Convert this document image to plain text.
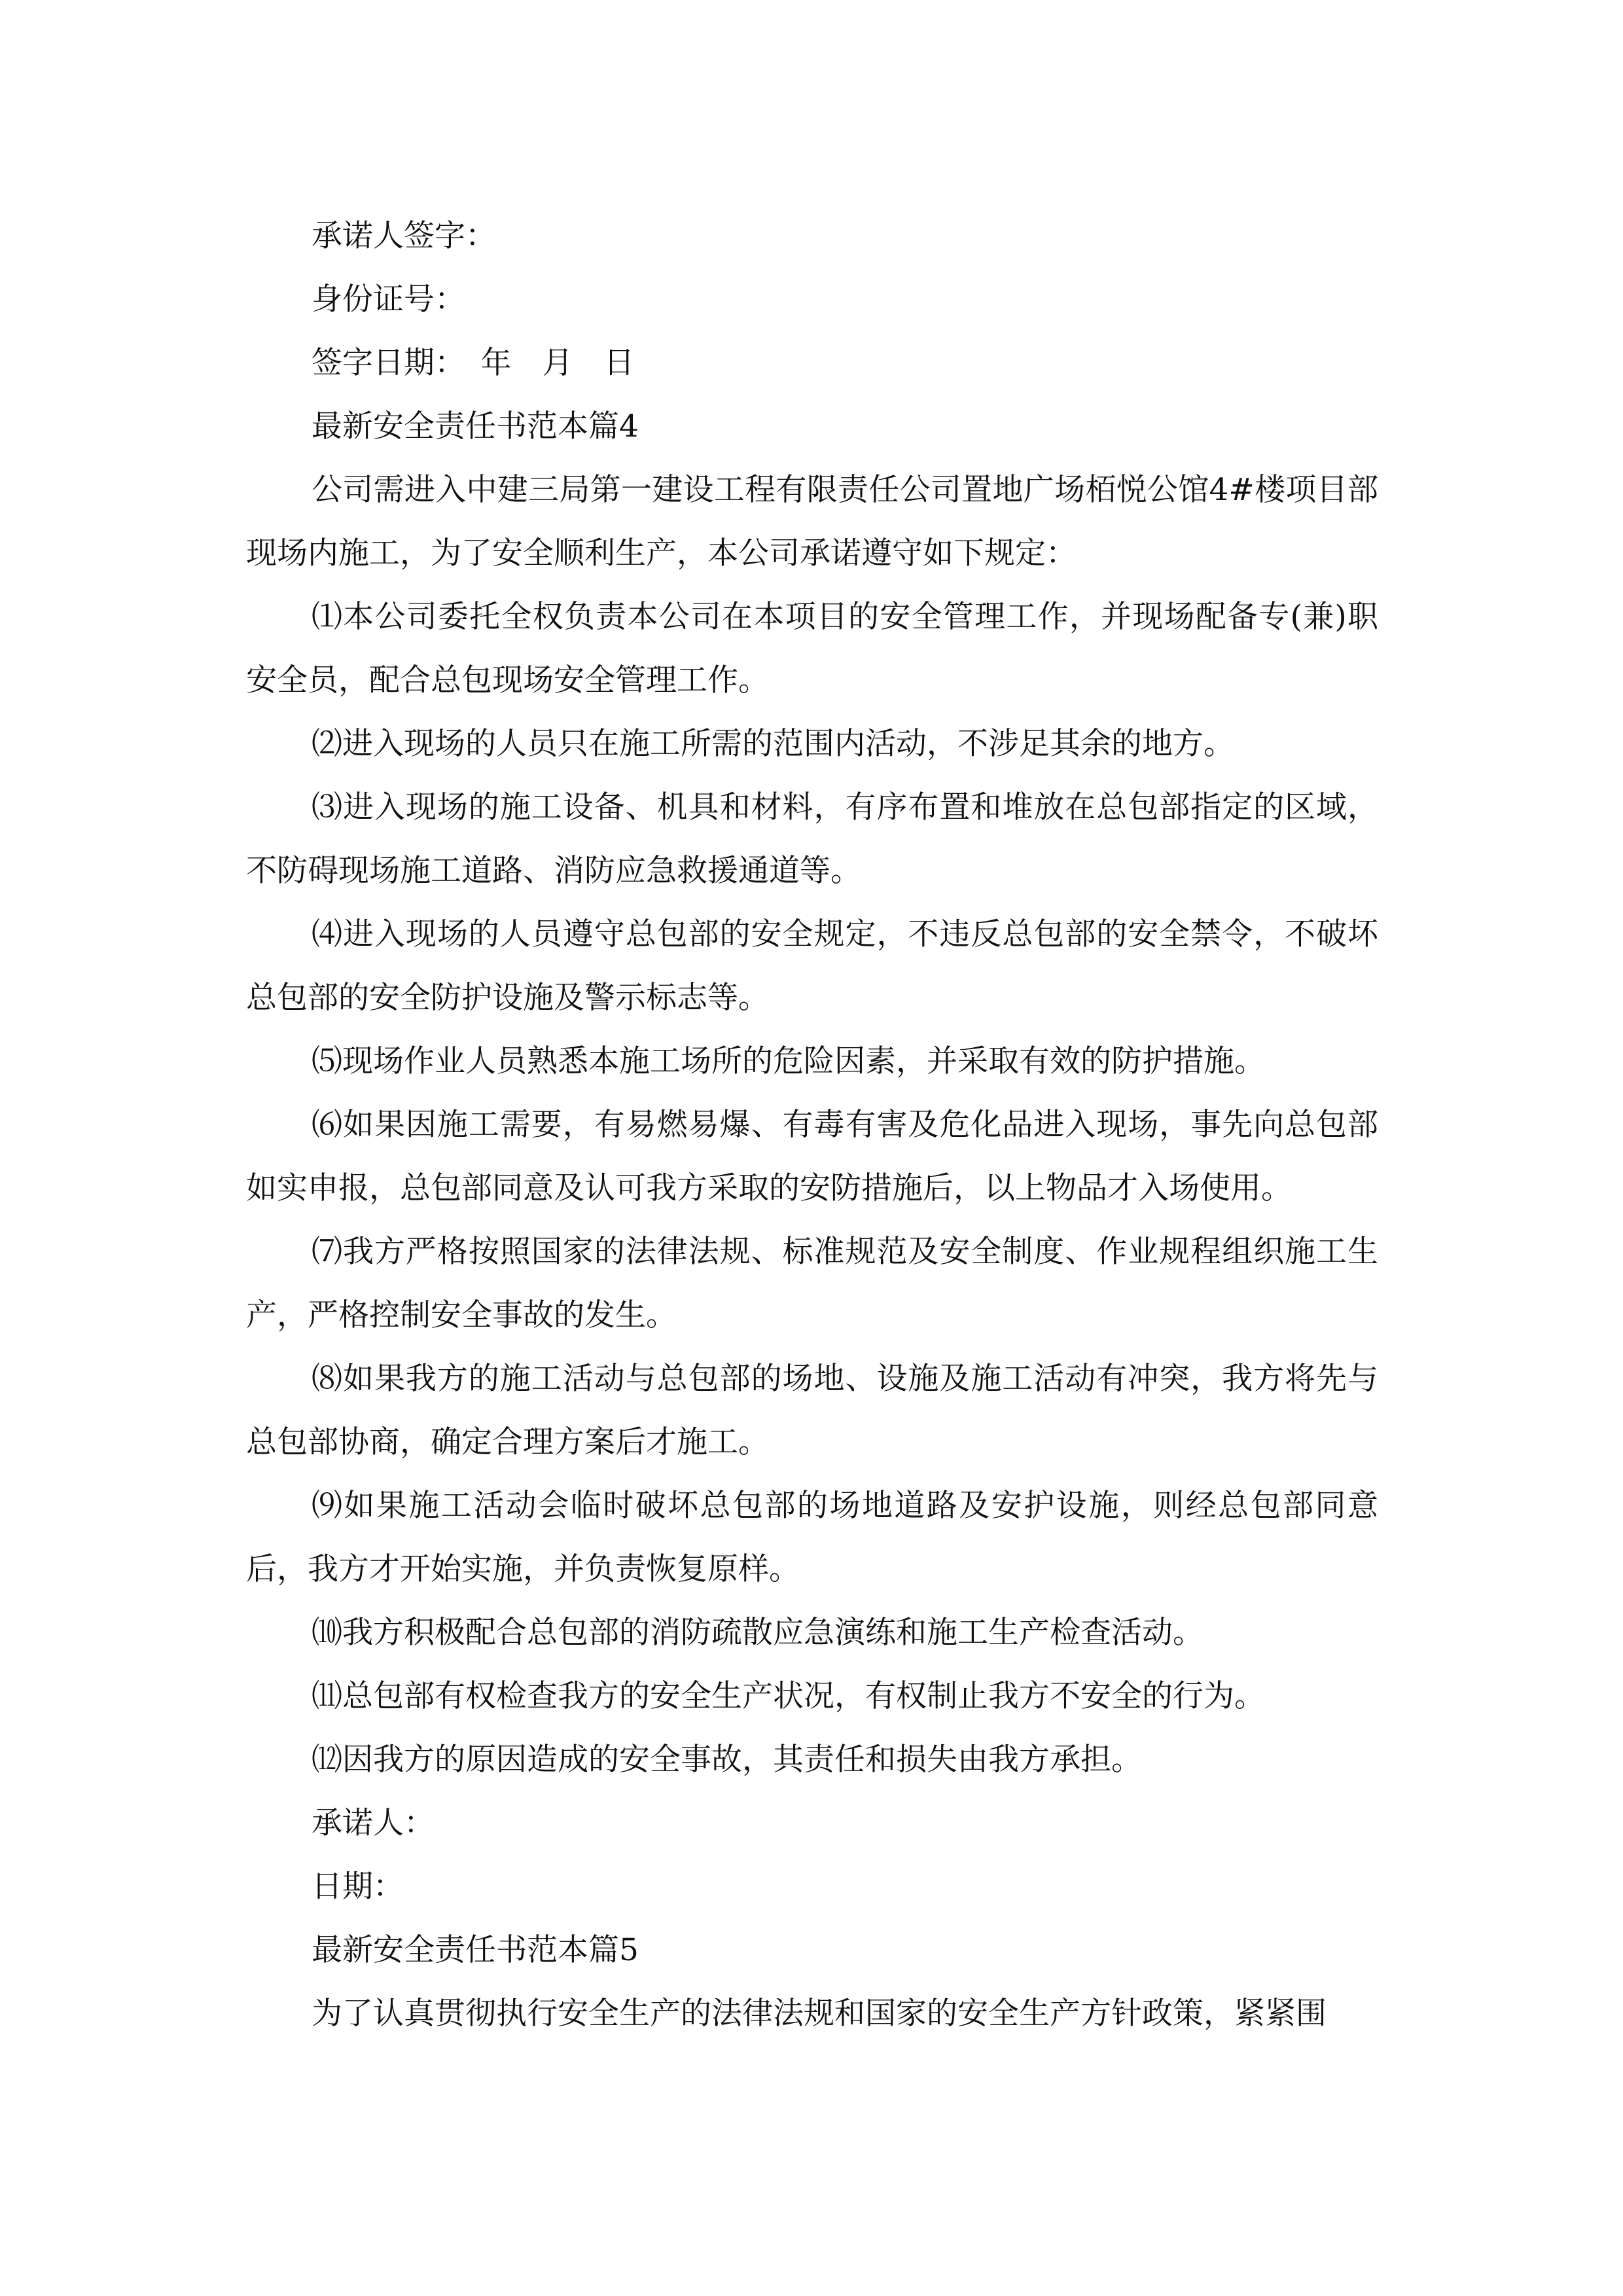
承诺人签字：

身份证号：

签字日期：　年　月　日

最新安全责任书范本篇4

公司需进入中建三局第一建设工程有限责任公司置地广场栢悦公馆4#楼项目部现场内施工，为了安全顺利生产，本公司承诺遵守如下规定：

⑴本公司委托全权负责本公司在本项目的安全管理工作，并现场配备专(兼)职安全员，配合总包现场安全管理工作。

⑵进入现场的人员只在施工所需的范围内活动，不涉足其余的地方。

⑶进入现场的施工设备、机具和材料，有序布置和堆放在总包部指定的区域，不防碍现场施工道路、消防应急救援通道等。

⑷进入现场的人员遵守总包部的安全规定，不违反总包部的安全禁令，不破坏总包部的安全防护设施及警示标志等。

⑸现场作业人员熟悉本施工场所的危险因素，并采取有效的防护措施。

⑹如果因施工需要，有易燃易爆、有毒有害及危化品进入现场，事先向总包部如实申报，总包部同意及认可我方采取的安防措施后，以上物品才入场使用。

⑺我方严格按照国家的法律法规、标准规范及安全制度、作业规程组织施工生产，严格控制安全事故的发生。

⑻如果我方的施工活动与总包部的场地、设施及施工活动有冲突，我方将先与总包部协商，确定合理方案后才施工。

⑼如果施工活动会临时破坏总包部的场地道路及安护设施，则经总包部同意后，我方才开始实施，并负责恢复原样。

⑽我方积极配合总包部的消防疏散应急演练和施工生产检查活动。

⑾总包部有权检查我方的安全生产状况，有权制止我方不安全的行为。

⑿因我方的原因造成的安全事故，其责任和损失由我方承担。

承诺人：

日期：

最新安全责任书范本篇5

为了认真贯彻执行安全生产的法律法规和国家的安全生产方针政策，紧紧围
